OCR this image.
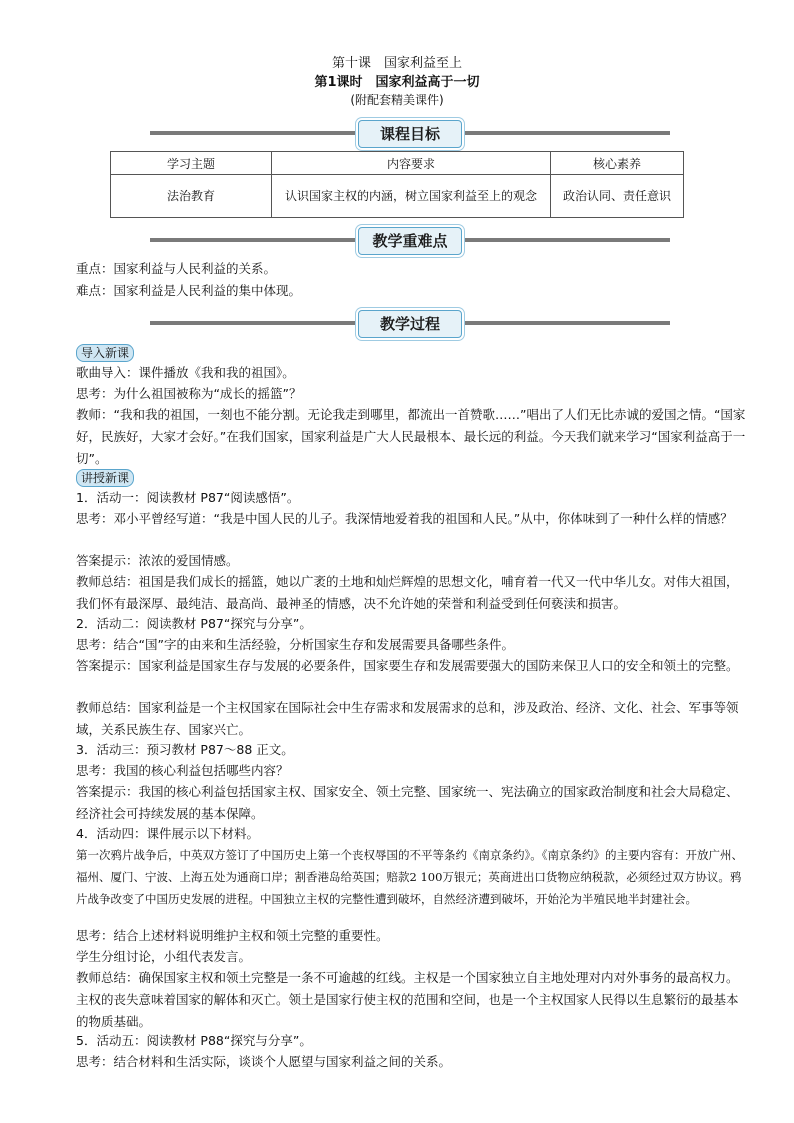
第十课　国家利益至上
第1课时　国家利益高于一切
(附配套精美课件)
课程目标
学习主题	内容要求	核心素养
法治教育	认识国家主权的内涵，树立国家利益至上的观念	政治认同、责任意识
教学重难点
重点：国家利益与人民利益的关系。
难点：国家利益是人民利益的集中体现。
教学过程
导入新课
歌曲导入：课件播放《我和我的祖国》。
思考：为什么祖国被称为“成长的摇篮”？
教师：“我和我的祖国，一刻也不能分割。无论我走到哪里，都流出一首赞歌……”唱出了人们无比赤诚的爱国之情。“国家好，民族好，大家才会好。”在我们国家，国家利益是广大人民最根本、最长远的利益。今天我们就来学习“国家利益高于一切”。
讲授新课
1．活动一：阅读教材 P87“阅读感悟”。
思考：邓小平曾经写道：“我是中国人民的儿子。我深情地爱着我的祖国和人民。”从中，你体味到了一种什么样的情感？
答案提示：浓浓的爱国情感。
教师总结：祖国是我们成长的摇篮，她以广袤的土地和灿烂辉煌的思想文化，哺育着一代又一代中华儿女。对伟大祖国，我们怀有最深厚、最纯洁、最高尚、最神圣的情感，决不允许她的荣誉和利益受到任何亵渎和损害。
2．活动二：阅读教材 P87“探究与分享”。
思考：结合“国”字的由来和生活经验，分析国家生存和发展需要具备哪些条件。
答案提示：国家利益是国家生存与发展的必要条件，国家要生存和发展需要强大的国防来保卫人口的安全和领土的完整。
教师总结：国家利益是一个主权国家在国际社会中生存需求和发展需求的总和，涉及政治、经济、文化、社会、军事等领域，关系民族生存、国家兴亡。
3．活动三：预习教材 P87～88 正文。
思考：我国的核心利益包括哪些内容？
答案提示：我国的核心利益包括国家主权、国家安全、领土完整、国家统一、宪法确立的国家政治制度和社会大局稳定、经济社会可持续发展的基本保障。
4．活动四：课件展示以下材料。
第一次鸦片战争后，中英双方签订了中国历史上第一个丧权辱国的不平等条约《南京条约》。《南京条约》的主要内容有：开放广州、福州、厦门、宁波、上海五处为通商口岸；割香港岛给英国；赔款2 100万银元；英商进出口货物应纳税款，必须经过双方协议。鸦片战争改变了中国历史发展的进程。中国独立主权的完整性遭到破坏，自然经济遭到破坏，开始沦为半殖民地半封建社会。
思考：结合上述材料说明维护主权和领土完整的重要性。
学生分组讨论，小组代表发言。
教师总结：确保国家主权和领土完整是一条不可逾越的红线。主权是一个国家独立自主地处理对内对外事务的最高权力。主权的丧失意味着国家的解体和灭亡。领土是国家行使主权的范围和空间，也是一个主权国家人民得以生息繁衍的最基本的物质基础。
5．活动五：阅读教材 P88“探究与分享”。
思考：结合材料和生活实际，谈谈个人愿望与国家利益之间的关系。
